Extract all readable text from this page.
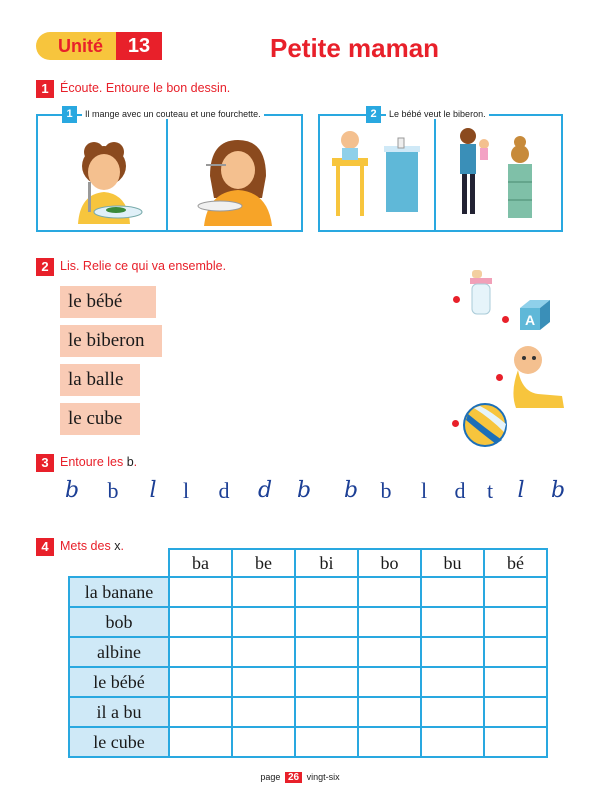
Unité	13	Petite maman
1 Écoute. Entoure le bon dessin.
1	Il mange avec un couteau et une fourchette.	2	Le bébé veut le biberon.
2 Lis. Relie ce qui va ensemble.
le bébé
le biberon
la balle
le cube
A
3 Entoure les b.
b b	l	l	d d b b b	l	d t	l	b
4 Mets des x.
	ba	be	bi	bo	bu	bé
la banane						
bob						
albine						
le bébé						
il a bu						
le cube						
page 26 vingt-six
